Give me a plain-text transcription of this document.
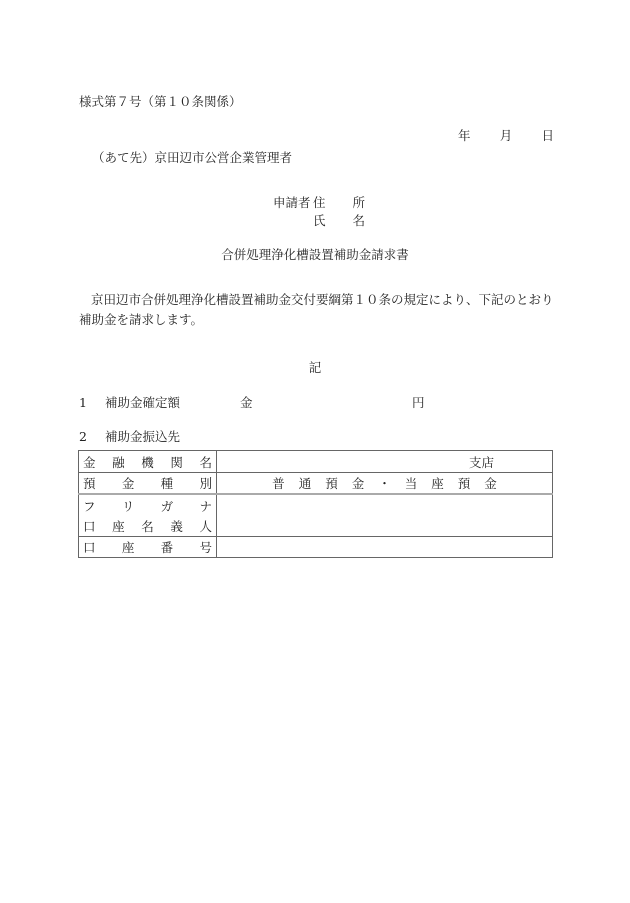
様式第７号（第１０条関係）
年 月 日
（あて先）京田辺市公営企業管理者
申請者 住 所
氏 名
合併処理浄化槽設置補助金請求書
京田辺市合併処理浄化槽設置補助金交付要綱第１０条の規定により、下記のとおり補助金を請求します。
記
1 補助金確定額	金	円
2 補助金振込先
金 融 機 関 名	支店

預 金 種 別	普 通 預 金 ・ 当 座 預 金

フ リ ガ ナ
口 座 名 義 人

口 座 番 号	
